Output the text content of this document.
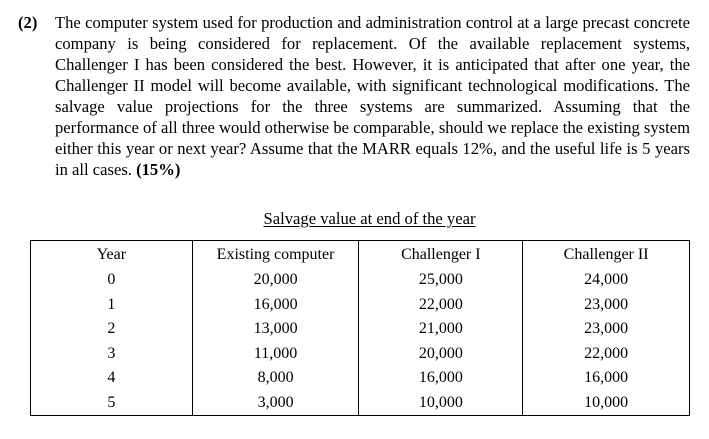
(2)	The computer system used for production and administration control at a large precast concrete company is being considered for replacement. Of the available replacement systems, Challenger I has been considered the best. However, it is anticipated that after one year, the Challenger II model will become available, with significant technological modifications. The salvage value projections for the three systems are summarized. Assuming that the performance of all three would otherwise be comparable, should we replace the existing system either this year or next year? Assume that the MARR equals 12%, and the useful life is 5 years in all cases. (15%)
Salvage value at end of the year
Year	Existing computer	Challenger I	Challenger II
0	20,000	25,000	24,000
1	16,000	22,000	23,000
2	13,000	21,000	23,000
3	11,000	20,000	22,000
4	8,000	16,000	16,000
5	3,000	10,000	10,000
